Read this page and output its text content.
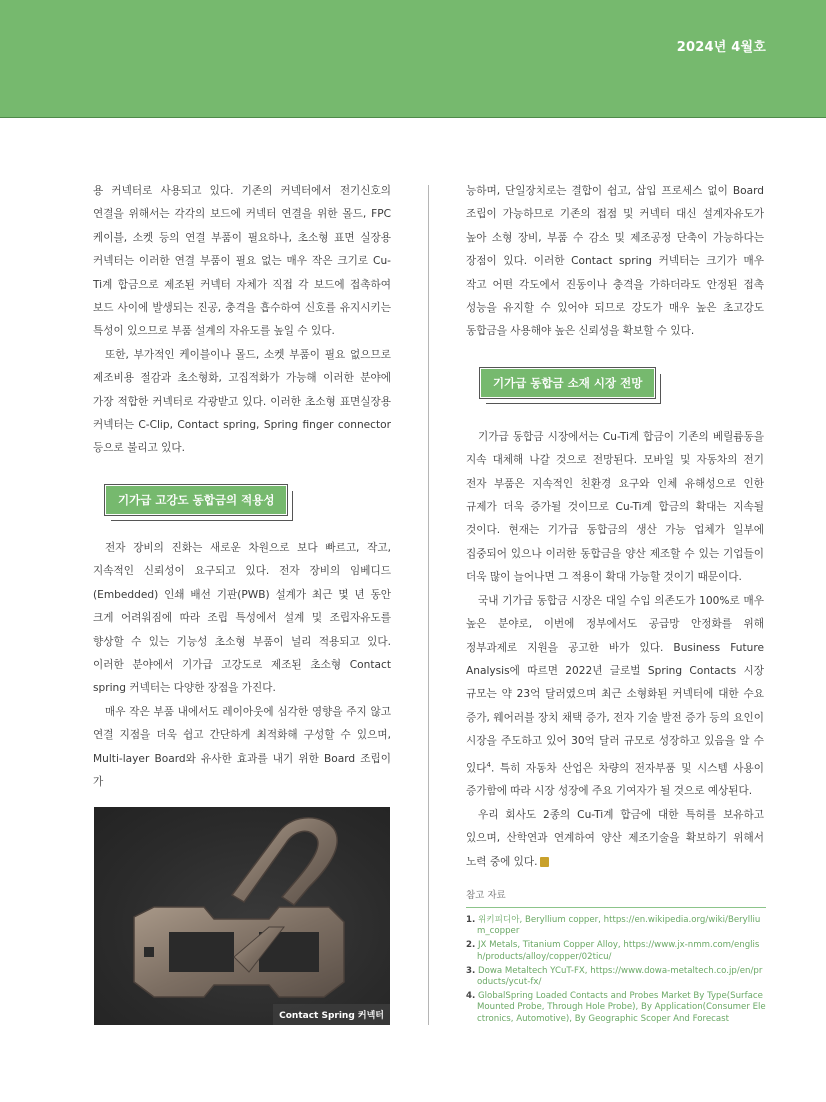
2024년 4월호

용 커넥터로 사용되고 있다. 기존의 커넥터에서 전기신호의 연결을 위해서는 각각의 보드에 커넥터 연결을 위한 몰드, FPC 케이블, 소켓 등의 연결 부품이 필요하나, 초소형 표면 실장용 커넥터는 이러한 연결 부품이 필요 없는 매우 작은 크기로 Cu-Ti계 합금으로 제조된 커넥터 자체가 직접 각 보드에 접촉하여 보드 사이에 발생되는 진공, 충격을 흡수하여 신호를 유지시키는 특성이 있으므로 부품 설계의 자유도를 높일 수 있다.

또한, 부가적인 케이블이나 몰드, 소켓 부품이 필요 없으므로 제조비용 절감과 초소형화, 고집적화가 가능해 이러한 분야에 가장 적합한 커넥터로 각광받고 있다. 이러한 초소형 표면실장용 커넥터는 C-Clip, Contact spring, Spring finger connector 등으로 불리고 있다.

기가급 고강도 동합금의 적용성

전자 장비의 진화는 새로운 차원으로 보다 빠르고, 작고, 지속적인 신뢰성이 요구되고 있다. 전자 장비의 임베디드(Embedded) 인쇄 배선 기판(PWB) 설계가 최근 몇 년 동안 크게 어려워짐에 따라 조립 특성에서 설계 및 조립자유도를 향상할 수 있는 기능성 초소형 부품이 널리 적용되고 있다. 이러한 분야에서 기가급 고강도로 제조된 초소형 Contact spring 커넥터는 다양한 장점을 가진다.

매우 작은 부품 내에서도 레이아웃에 심각한 영향을 주지 않고 연결 지점을 더욱 쉽고 간단하게 최적화해 구성할 수 있으며, Multi-layer Board와 유사한 효과를 내기 위한 Board 조립이 가

Contact Spring 커넥터

능하며, 단일장치로는 결합이 쉽고, 삽입 프로세스 없이 Board 조립이 가능하므로 기존의 접점 및 커넥터 대신 설계자유도가 높아 소형 장비, 부품 수 감소 및 제조공정 단축이 가능하다는 장점이 있다. 이러한 Contact spring 커넥터는 크기가 매우 작고 어떤 각도에서 진동이나 충격을 가하더라도 안정된 접촉 성능을 유지할 수 있어야 되므로 강도가 매우 높은 초고강도 동합금을 사용해야 높은 신뢰성을 확보할 수 있다.

기가급 동합금 소재 시장 전망

기가급 동합금 시장에서는 Cu-Ti계 합금이 기존의 베릴륨동을 지속 대체해 나갈 것으로 전망된다. 모바일 및 자동차의 전기 전자 부품은 지속적인 친환경 요구와 인체 유해성으로 인한 규제가 더욱 증가될 것이므로 Cu-Ti계 합금의 확대는 지속될 것이다. 현재는 기가급 동합금의 생산 가능 업체가 일부에 집중되어 있으나 이러한 동합금을 양산 제조할 수 있는 기업들이 더욱 많이 늘어나면 그 적용이 확대 가능할 것이기 때문이다.

국내 기가급 동합금 시장은 대일 수입 의존도가 100%로 매우 높은 분야로, 이번에 정부에서도 공급망 안정화를 위해 정부과제로 지원을 공고한 바가 있다. Business Future Analysis에 따르면 2022년 글로벌 Spring Contacts 시장 규모는 약 23억 달러였으며 최근 소형화된 커넥터에 대한 수요 증가, 웨어러블 장치 채택 증가, 전자 기술 발전 증가 등의 요인이 시장을 주도하고 있어 30억 달러 규모로 성장하고 있음을 알 수 있다$^4$. 특히 자동차 산업은 차량의 전자부품 및 시스템 사용이 증가함에 따라 시장 성장에 주요 기여자가 될 것으로 예상된다.

우리 회사도 2종의 Cu-Ti계 합금에 대한 특허를 보유하고 있으며, 산학연과 연계하여 양산 제조기술을 확보하기 위해서 노력 중에 있다.

참고 자료
1. 위키피디아, Beryllium copper, https://en.wikipedia.org/wiki/Beryllium_copper
2. JX Metals, Titanium Copper Alloy, https://www.jx-nmm.com/english/products/alloy/copper/02ticu/
3. Dowa Metaltech YCuT-FX, https://www.dowa-metaltech.co.jp/en/products/ycut-fx/
4. GlobalSpring Loaded Contacts and Probes Market By Type(Surface Mounted Probe, Through Hole Probe), By Application(Consumer Electronics, Automotive), By Geographic Scoper And Forecast
